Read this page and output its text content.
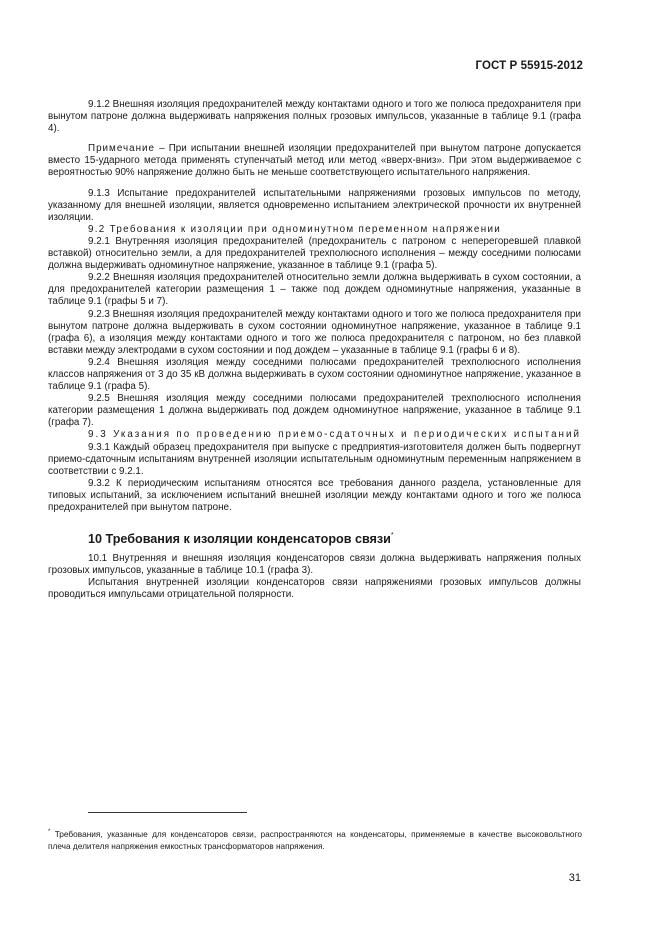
ГОСТ Р 55915-2012

9.1.2 Внешняя изоляция предохранителей между контактами одного и того же полюса предохранителя при вынутом патроне должна выдерживать напряжения полных грозовых импульсов, указанные в таблице 9.1 (графа 4).

Примечание – При испытании внешней изоляции предохранителей при вынутом патроне допускается вместо 15-ударного метода применять ступенчатый метод или метод «вверх-вниз». При этом выдерживаемое с вероятностью 90% напряжение должно быть не меньше соответствующего испытательного напряжения.

9.1.3 Испытание предохранителей испытательными напряжениями грозовых импульсов по методу, указанному для внешней изоляции, является одновременно испытанием электрической прочности их внутренней изоляции.

9.2 Требования к изоляции при одноминутном переменном напряжении

9.2.1 Внутренняя изоляция предохранителей (предохранитель с патроном с неперегоревшей плавкой вставкой) относительно земли, а для предохранителей трехполюсного исполнения – между соседними полюсами должна выдерживать одноминутное напряжение, указанное в таблице 9.1 (графа 5).

9.2.2 Внешняя изоляция предохранителей относительно земли должна выдерживать в сухом состоянии, а для предохранителей категории размещения 1 – также под дождем одноминутные напряжения, указанные в таблице 9.1 (графы 5 и 7).

9.2.3 Внешняя изоляция предохранителей между контактами одного и того же полюса предохранителя при вынутом патроне должна выдерживать в сухом состоянии одноминутное напряжение, указанное в таблице 9.1 (графа 6), а изоляция между контактами одного и того же полюса предохранителя с патроном, но без плавкой вставки между электродами в сухом состоянии и под дождем – указанные в таблице 9.1 (графы 6 и 8).

9.2.4 Внешняя изоляция между соседними полюсами предохранителей трехполюсного исполнения классов напряжения от 3 до 35 кВ должна выдерживать в сухом состоянии одноминутное напряжение, указанное в таблице 9.1 (графа 5).

9.2.5 Внешняя изоляция между соседними полюсами предохранителей трехполюсного исполнения категории размещения 1 должна выдерживать под дождем одноминутное напряжение, указанное в таблице 9.1 (графа 7).

9.3 Указания по проведению приемо-сдаточных и периодических испытаний

9.3.1 Каждый образец предохранителя при выпуске с предприятия-изготовителя должен быть подвергнут приемо-сдаточным испытаниям внутренней изоляции испытательным одноминутным переменным напряжением в соответствии с 9.2.1.

9.3.2 К периодическим испытаниям относятся все требования данного раздела, установленные для типовых испытаний, за исключением испытаний внешней изоляции между контактами одного и того же полюса предохранителей при вынутом патроне.

10 Требования к изоляции конденсаторов связи*

10.1 Внутренняя и внешняя изоляция конденсаторов связи должна выдерживать напряжения полных грозовых импульсов, указанные в таблице 10.1 (графа 3).

Испытания внутренней изоляции конденсаторов связи напряжениями грозовых импульсов должны проводиться импульсами отрицательной полярности.

* Требования, указанные для конденсаторов связи, распространяются на конденсаторы, применяемые в качестве высоковольтного плеча делителя напряжения емкостных трансформаторов напряжения.
31
